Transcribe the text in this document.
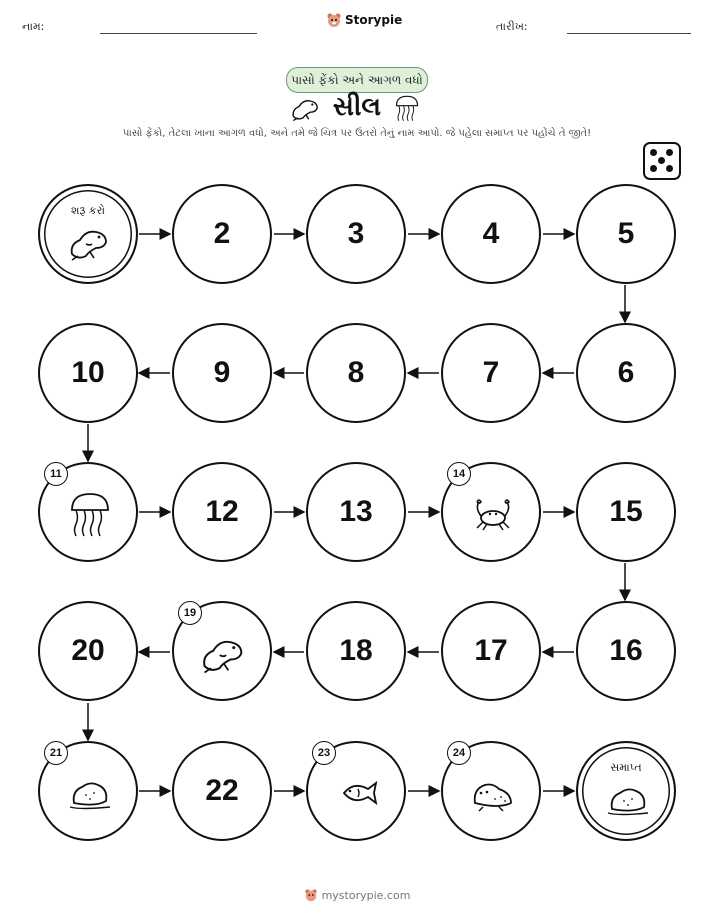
નામ:	Storypie	તારીખ:
પાસો ફેંકો અને આગળ વધો
સીલ
પાસો ફેંકો, તેટલા ખાના આગળ વધો, અને તમે જે ચિત્ર પર ઉતરો તેનું નામ આપો. જે પહેલા સમાપ્ત પર પહોંચે તે જીતે!
શરૂ કરો
2	3	4	5
10	9	8	7	6
11
12	13
14
15
20
19
18	17	16
21
22
23	24
સમાપ્ત
mystorypie.com
